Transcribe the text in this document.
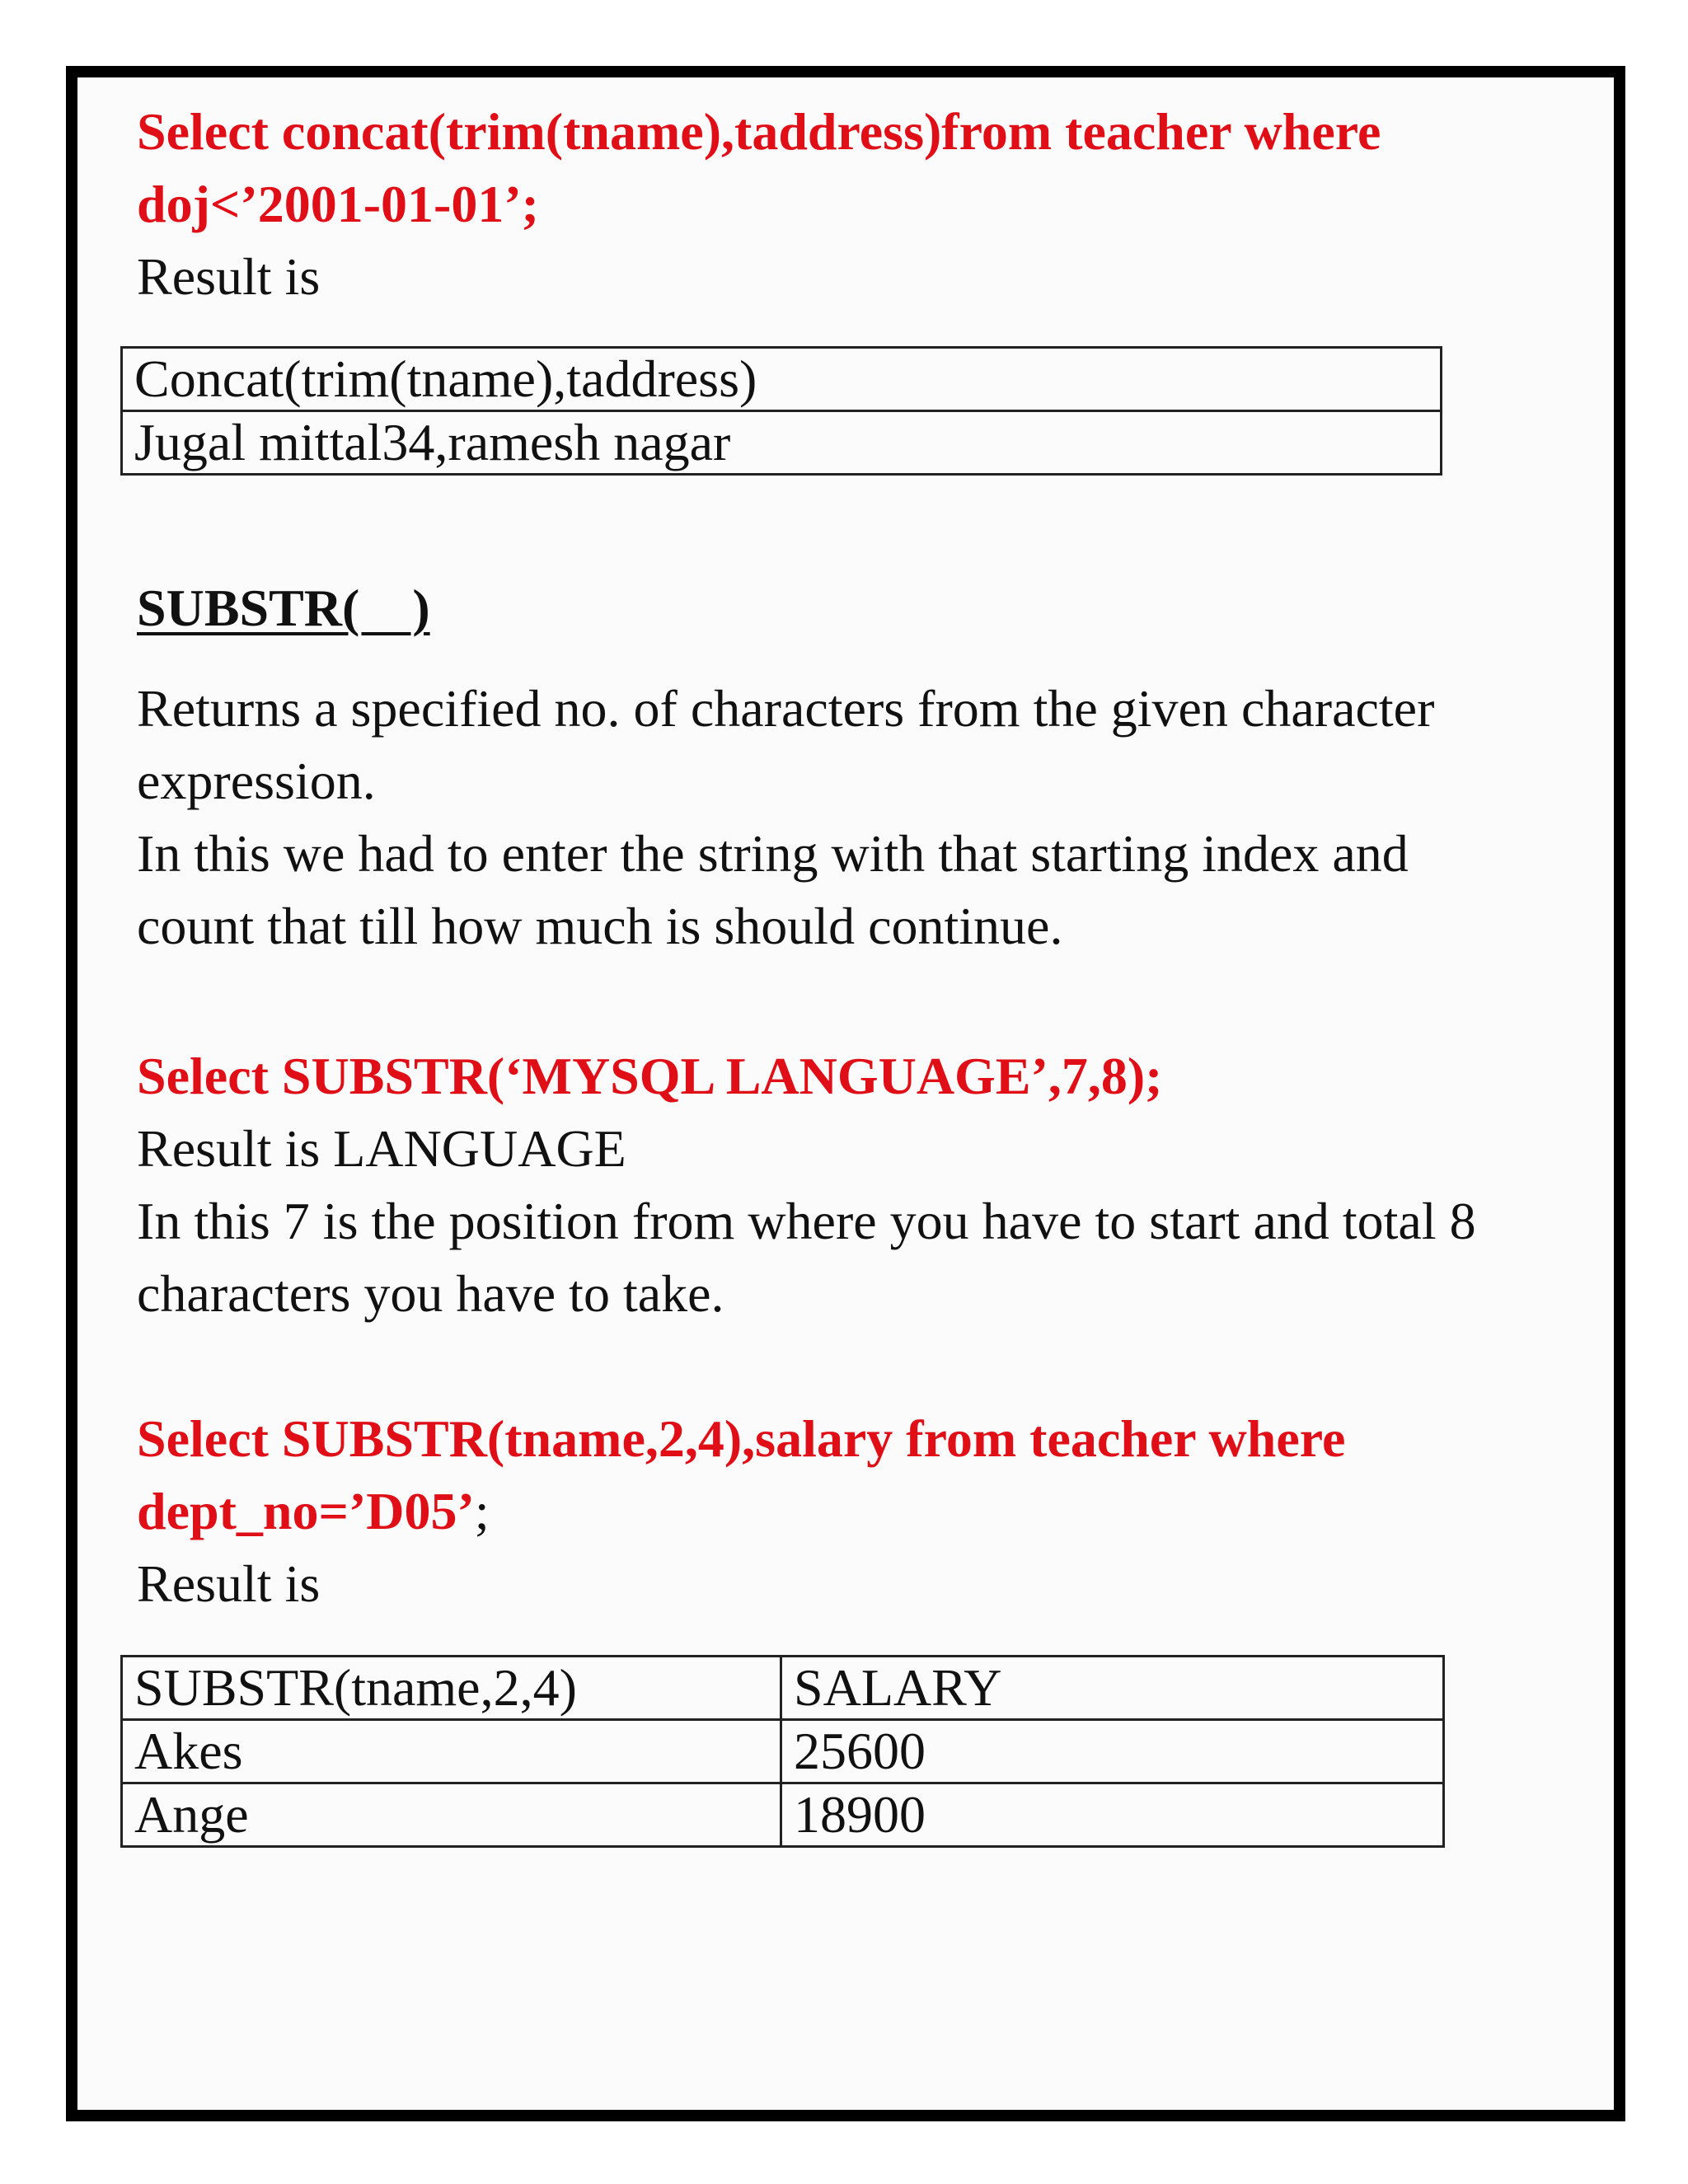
Select concat(trim(tname),taddress)from teacher where
doj<’2001-01-01’;
Result is
Concat(trim(tname),taddress)
Jugal mittal34,ramesh nagar
SUBSTR(    )
Returns a specified no. of characters from the given character
expression.
In this we had to enter the string with that starting index and
count that till how much is should continue.
Select SUBSTR(‘MYSQL LANGUAGE’,7,8);
Result is LANGUAGE
In this 7 is the position from where you have to start and total 8
characters you have to take.
Select SUBSTR(tname,2,4),salary from teacher where
dept_no=’D05’;
Result is
SUBSTR(tname,2,4)	SALARY
Akes	25600
Ange	18900
